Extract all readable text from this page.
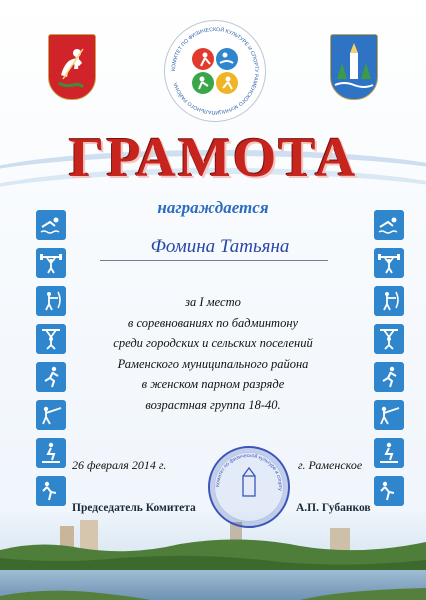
КОМИТЕТ ПО ФИЗИЧЕСКОЙ КУЛЬТУРЕ И СПОРТУ РАМЕНСКОГО МУНИЦИПАЛЬНОГО РАЙОНА
ГРАМОТА
награждается
Фомина Татьяна
за I место
в соревнованиях по бадминтону
среди городских и сельских поселений
Раменского муниципального района
в женском парном разряде
возрастная группа 18-40.
26 февраля 2014 г.	г. Раменское
Комитет по физической культуре и спорту
Председатель Комитета	А.П. Губанков
